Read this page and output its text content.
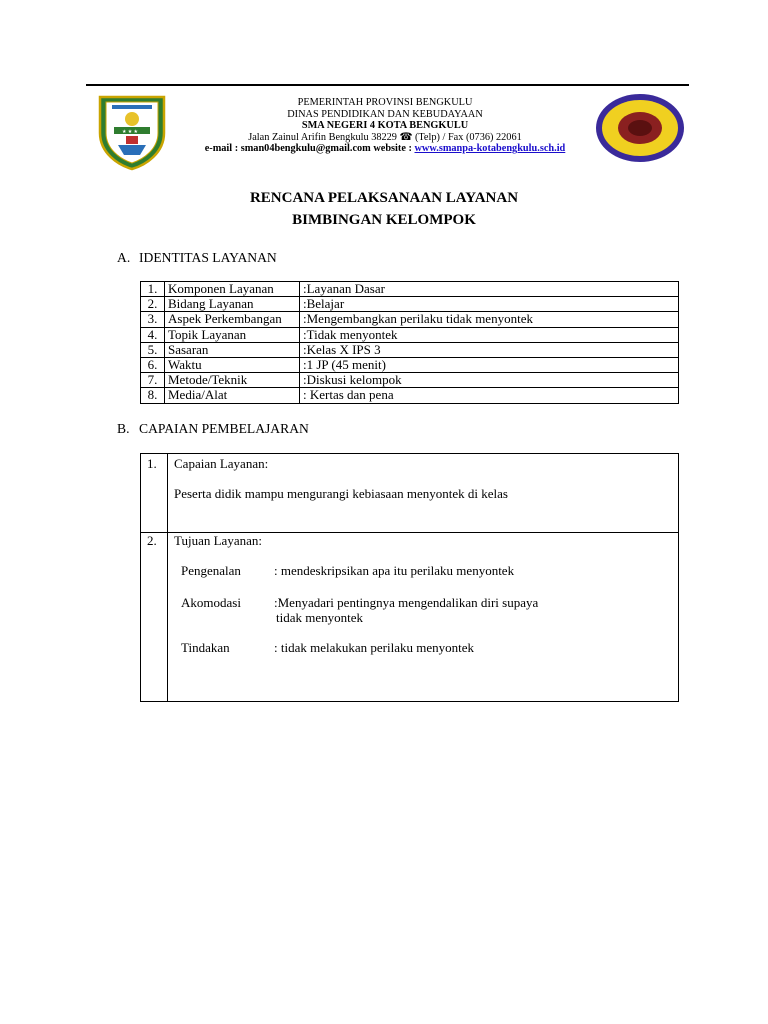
★ ★ ★
PEMERINTAH PROVINSI BENGKULU
DINAS PENDIDIKAN DAN KEBUDAYAAN
SMA NEGERI 4 KOTA BENGKULU
Jalan Zainul Arifin Bengkulu 38229 ☎ (Telp) / Fax (0736) 22061
e-mail : sman04bengkulu@gmail.com website : www.smanpa-kotabengkulu.sch.id
RENCANA PELAKSANAAN LAYANAN
BIMBINGAN KELOMPOK
A. IDENTITAS LAYANAN
1.	Komponen Layanan	:Layanan Dasar
2.	Bidang Layanan	:Belajar
3.	Aspek Perkembangan	:Mengembangkan perilaku tidak menyontek
4.	Topik Layanan	:Tidak menyontek
5.	Sasaran	:Kelas X IPS 3
6.	Waktu	:1 JP (45 menit)
7.	Metode/Teknik	:Diskusi kelompok
8.	Media/Alat	: Kertas dan pena
B. CAPAIAN PEMBELAJARAN
1. Capaian Layanan:
Peserta didik mampu mengurangi kebiasaan menyontek di kelas
2. Tujuan Layanan:
Pengenalan	: mendeskripsikan apa itu perilaku menyontek
Akomodasi	:Menyadari pentingnya mengendalikan diri supaya
tidak menyontek
Tindakan	: tidak melakukan perilaku menyontek
